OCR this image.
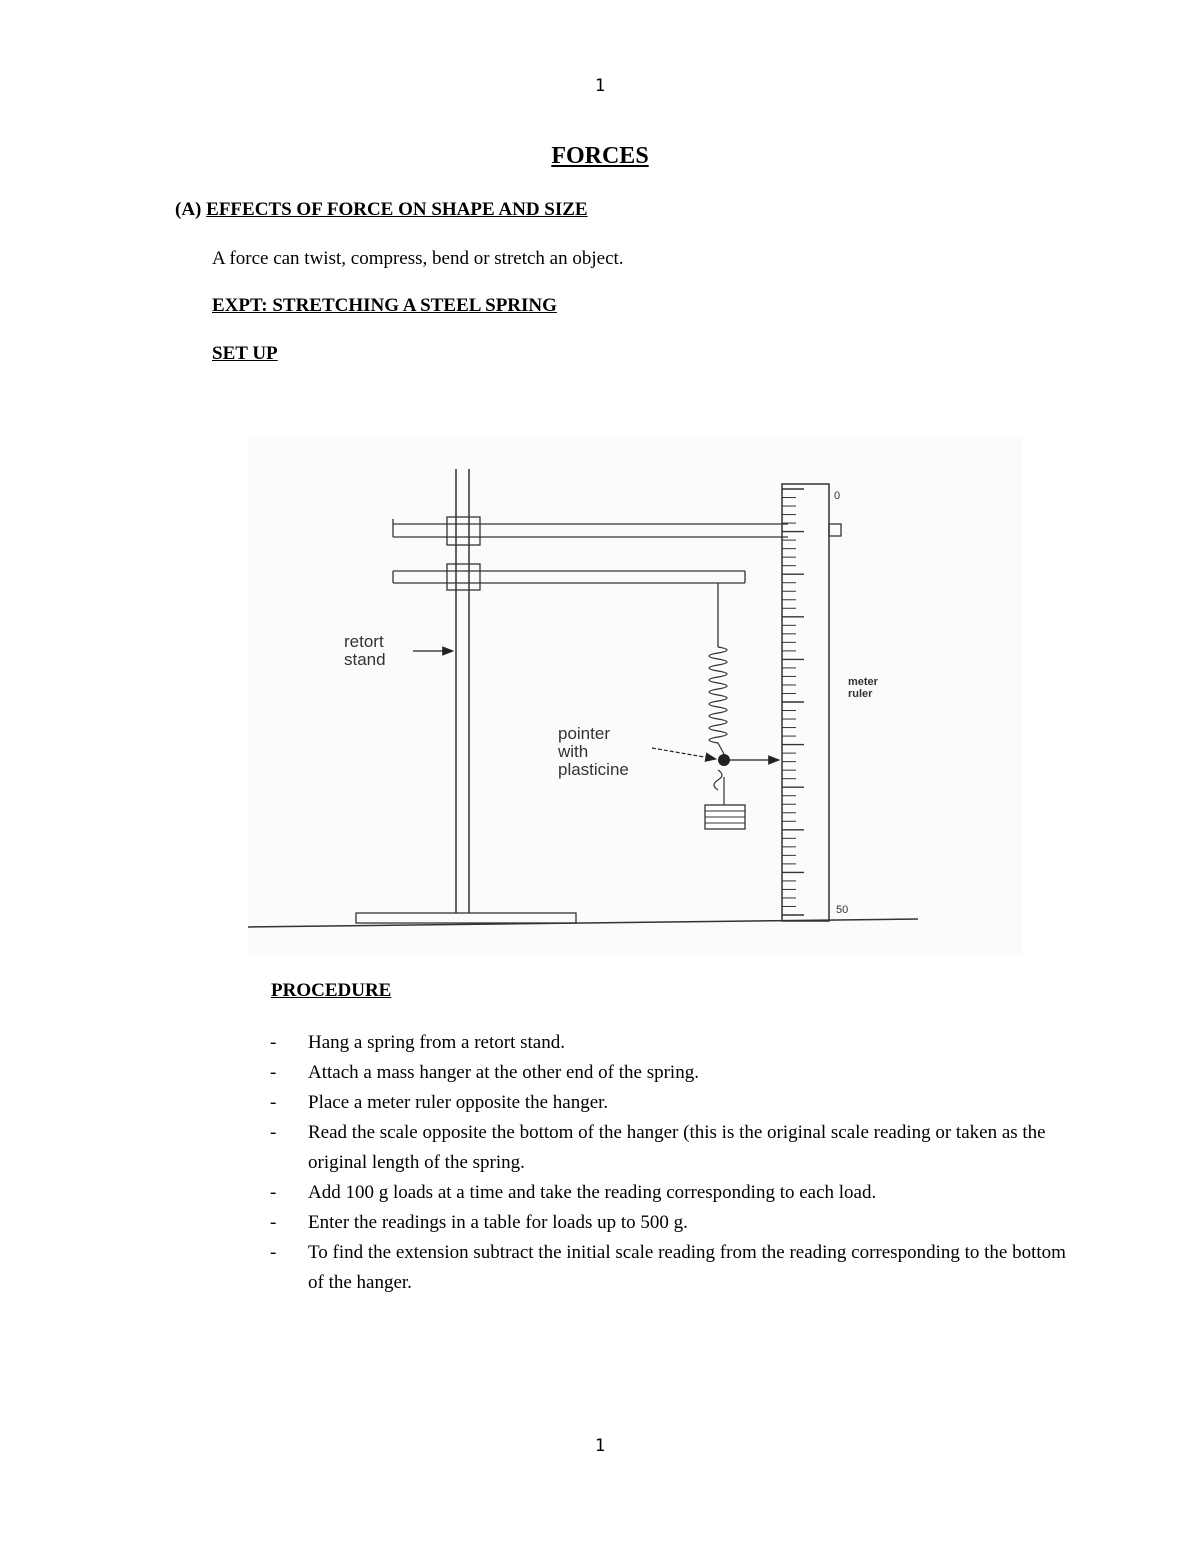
1
FORCES
(A) EFFECTS OF FORCE ON SHAPE AND SIZE
A force can twist, compress, bend or stretch an object.
EXPT: STRETCHING A STEEL SPRING
SET UP
retort
stand
pointer
with
plasticine
meter
ruler
0
50
PROCEDURE
- Hang a spring from a retort stand.
- Attach a mass hanger at the other end of the spring.
- Place a meter ruler opposite the hanger.
- Read the scale opposite the bottom of the hanger (this is the original scale reading or taken as the original length of the spring.
- Add 100 g loads at a time and take the reading corresponding to each load.
- Enter the readings in a table for loads up to 500 g.
- To find the extension subtract the initial scale reading from the reading corresponding to the bottom of the hanger.
1
